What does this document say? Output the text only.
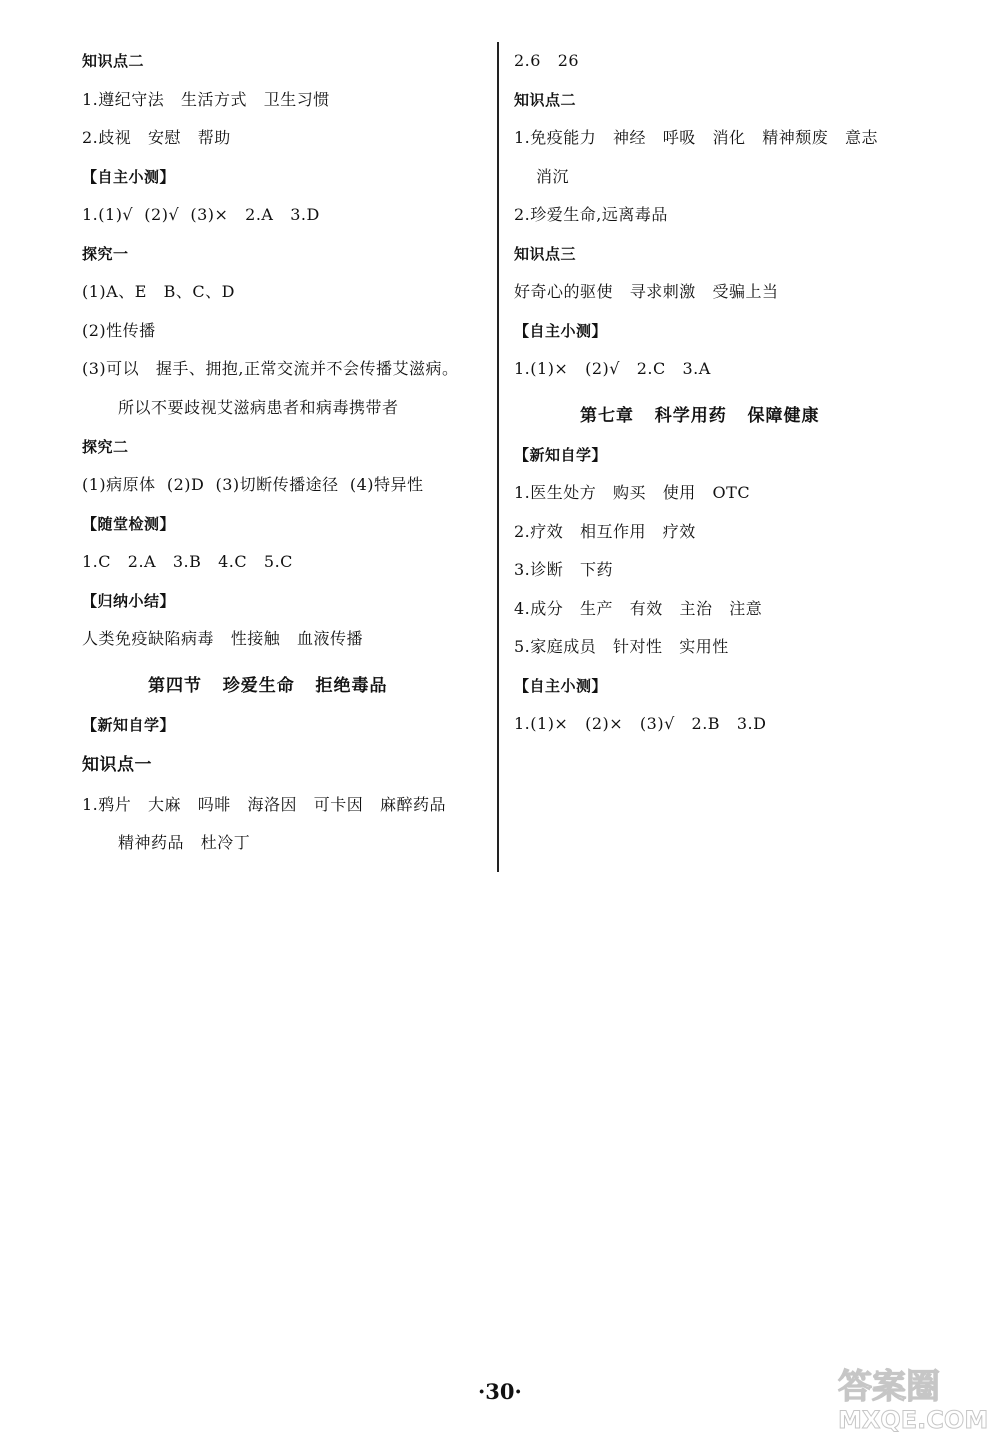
知识点二
1.遵纪守法   生活方式   卫生习惯
2.歧视   安慰   帮助
【自主小测】
1.(1)√  (2)√  (3)×   2.A   3.D
探究一
(1)A、E   B、C、D
(2)性传播
(3)可以   握手、拥抱,正常交流并不会传播艾滋病。
所以不要歧视艾滋病患者和病毒携带者
探究二
(1)病原体  (2)D  (3)切断传播途径  (4)特异性
【随堂检测】
1.C   2.A   3.B   4.C   5.C
【归纳小结】
人类免疫缺陷病毒   性接触   血液传播
第四节   珍爱生命   拒绝毒品
【新知自学】
知识点一
1.鸦片   大麻   吗啡   海洛因   可卡因   麻醉药品
精神药品   杜冷丁
2.6   26
知识点二
1.免疫能力   神经   呼吸   消化   精神颓废   意志
消沉
2.珍爱生命,远离毒品
知识点三
好奇心的驱使   寻求刺激   受骗上当
【自主小测】
1.(1)×   (2)√   2.C   3.A
第七章   科学用药   保障健康
【新知自学】
1.医生处方   购买   使用   OTC
2.疗效   相互作用   疗效
3.诊断   下药
4.成分   生产   有效   主治   注意
5.家庭成员   针对性   实用性
【自主小测】
1.(1)×   (2)×   (3)√   2.B   3.D
·30·	答案圈
MXQE.COM
